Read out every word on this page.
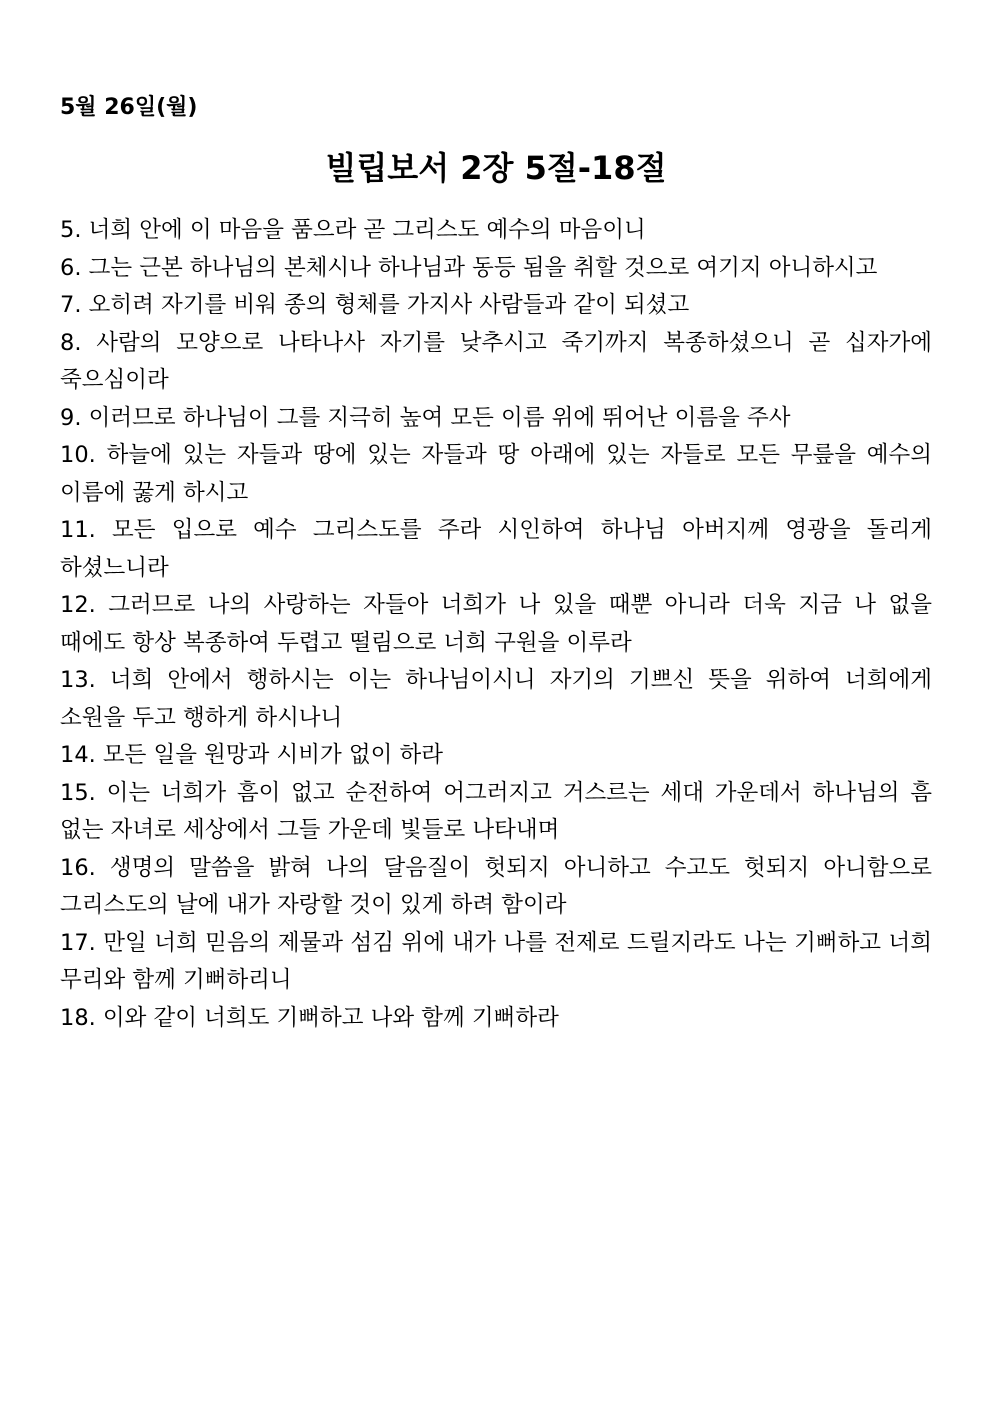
5월 26일(월)
빌립보서 2장 5절-18절
5. 너희 안에 이 마음을 품으라 곧 그리스도 예수의 마음이니
6. 그는 근본 하나님의 본체시나 하나님과 동등 됨을 취할 것으로 여기지 아니하시고
7. 오히려 자기를 비워 종의 형체를 가지사 사람들과 같이 되셨고
8. 사람의 모양으로 나타나사 자기를 낮추시고 죽기까지 복종하셨으니 곧 십자가에 죽으심이라
9. 이러므로 하나님이 그를 지극히 높여 모든 이름 위에 뛰어난 이름을 주사
10. 하늘에 있는 자들과 땅에 있는 자들과 땅 아래에 있는 자들로 모든 무릎을 예수의 이름에 꿇게 하시고
11. 모든 입으로 예수 그리스도를 주라 시인하여 하나님 아버지께 영광을 돌리게 하셨느니라
12. 그러므로 나의 사랑하는 자들아 너희가 나 있을 때뿐 아니라 더욱 지금 나 없을 때에도 항상 복종하여 두렵고 떨림으로 너희 구원을 이루라
13. 너희 안에서 행하시는 이는 하나님이시니 자기의 기쁘신 뜻을 위하여 너희에게 소원을 두고 행하게 하시나니
14. 모든 일을 원망과 시비가 없이 하라
15. 이는 너희가 흠이 없고 순전하여 어그러지고 거스르는 세대 가운데서 하나님의 흠 없는 자녀로 세상에서 그들 가운데 빛들로 나타내며
16. 생명의 말씀을 밝혀 나의 달음질이 헛되지 아니하고 수고도 헛되지 아니함으로 그리스도의 날에 내가 자랑할 것이 있게 하려 함이라
17. 만일 너희 믿음의 제물과 섬김 위에 내가 나를 전제로 드릴지라도 나는 기뻐하고 너희 무리와 함께 기뻐하리니
18. 이와 같이 너희도 기뻐하고 나와 함께 기뻐하라
